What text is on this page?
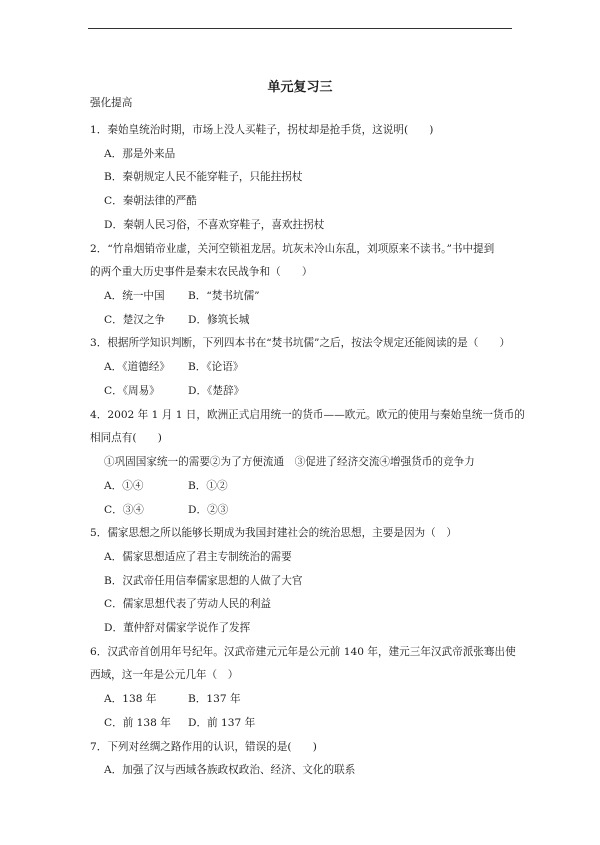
单元复习三
强化提高
1．秦始皇统治时期，市场上没人买鞋子，拐杖却是抢手货，这说明(　　)
A．那是外来品
B．秦朝规定人民不能穿鞋子，只能拄拐杖
C．秦朝法律的严酷
D．秦朝人民习俗，不喜欢穿鞋子，喜欢拄拐杖
2．“竹帛烟销帝业虚，关河空锁祖龙居。坑灰未冷山东乱，刘项原来不读书。”书中提到
的两个重大历史事件是秦末农民战争和（　　）
A．统一中国	B．“焚书坑儒”
C．楚汉之争	D．修筑长城
3．根据所学知识判断，下列四本书在“焚书坑儒”之后，按法令规定还能阅读的是（　　）
A．《道德经》	B．《论语》
C．《周易》	D．《楚辞》
4．2002 年 1 月 1 日，欧洲正式启用统一的货币——欧元。欧元的使用与秦始皇统一货币的
相同点有(　　)
①巩固国家统一的需要②为了方便流通　③促进了经济交流④增强货币的竞争力
A．①④	B．①②
C．③④	D．②③
5．儒家思想之所以能够长期成为我国封建社会的统治思想，主要是因为（　）
A．儒家思想适应了君主专制统治的需要
B．汉武帝任用信奉儒家思想的人做了大官
C．儒家思想代表了劳动人民的利益
D．董仲舒对儒家学说作了发挥
6．汉武帝首创用年号纪年。汉武帝建元元年是公元前 140 年，建元三年汉武帝派张骞出使
西域，这一年是公元几年（　）
A．138 年	B．137 年
C．前 138 年	D．前 137 年
7．下列对丝绸之路作用的认识，错误的是(　　)
A．加强了汉与西域各族政权政治、经济、文化的联系
